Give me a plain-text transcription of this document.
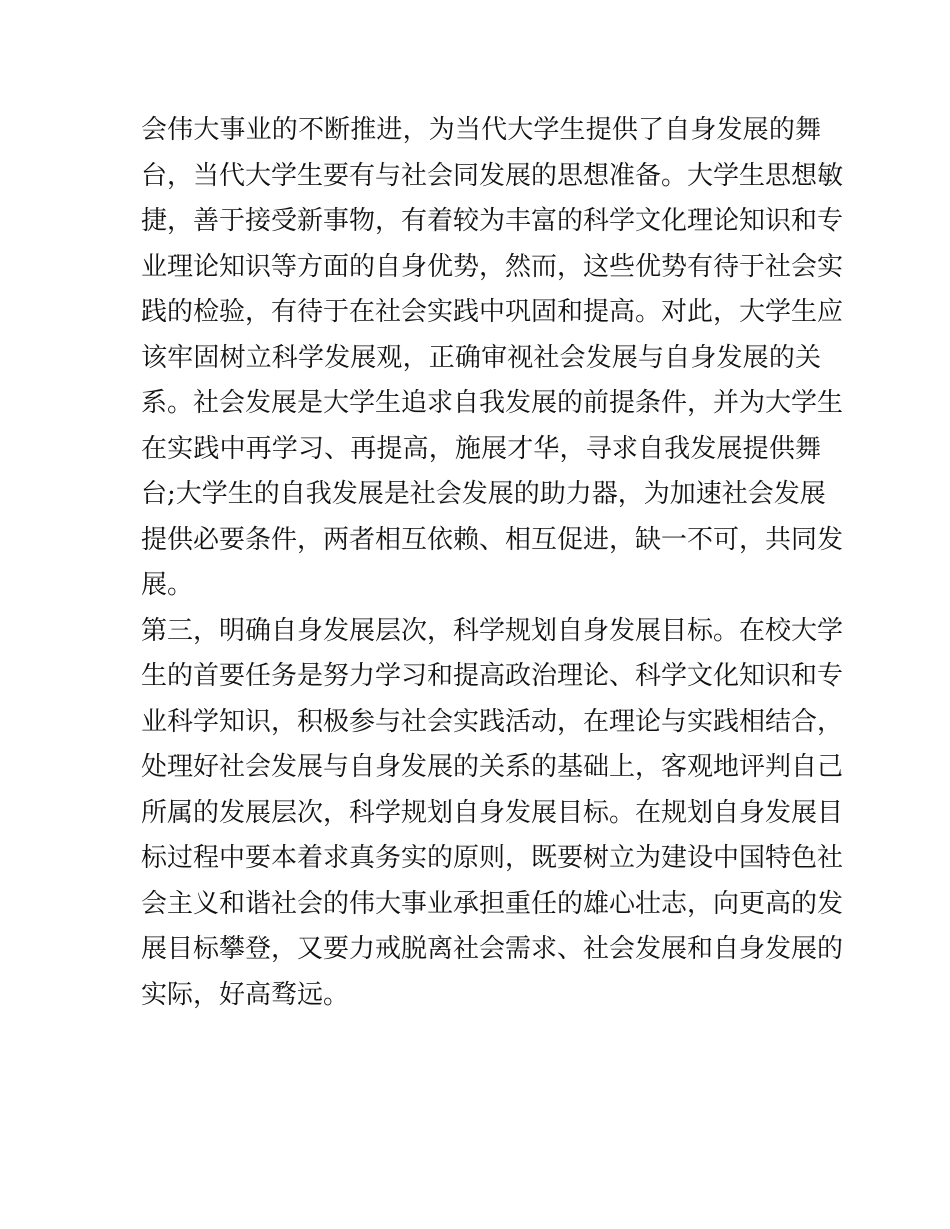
会伟大事业的不断推进，为当代大学生提供了自身发展的舞
台，当代大学生要有与社会同发展的思想准备。大学生思想敏
捷，善于接受新事物，有着较为丰富的科学文化理论知识和专
业理论知识等方面的自身优势，然而，这些优势有待于社会实
践的检验，有待于在社会实践中巩固和提高。对此，大学生应
该牢固树立科学发展观，正确审视社会发展与自身发展的关
系。社会发展是大学生追求自我发展的前提条件，并为大学生
在实践中再学习、再提高，施展才华，寻求自我发展提供舞
台;大学生的自我发展是社会发展的助力器，为加速社会发展
提供必要条件，两者相互依赖、相互促进，缺一不可，共同发
展。
第三，明确自身发展层次，科学规划自身发展目标。在校大学
生的首要任务是努力学习和提高政治理论、科学文化知识和专
业科学知识，积极参与社会实践活动，在理论与实践相结合，
处理好社会发展与自身发展的关系的基础上，客观地评判自己
所属的发展层次，科学规划自身发展目标。在规划自身发展目
标过程中要本着求真务实的原则，既要树立为建设中国特色社
会主义和谐社会的伟大事业承担重任的雄心壮志，向更高的发
展目标攀登，又要力戒脱离社会需求、社会发展和自身发展的
实际，好高骛远。
